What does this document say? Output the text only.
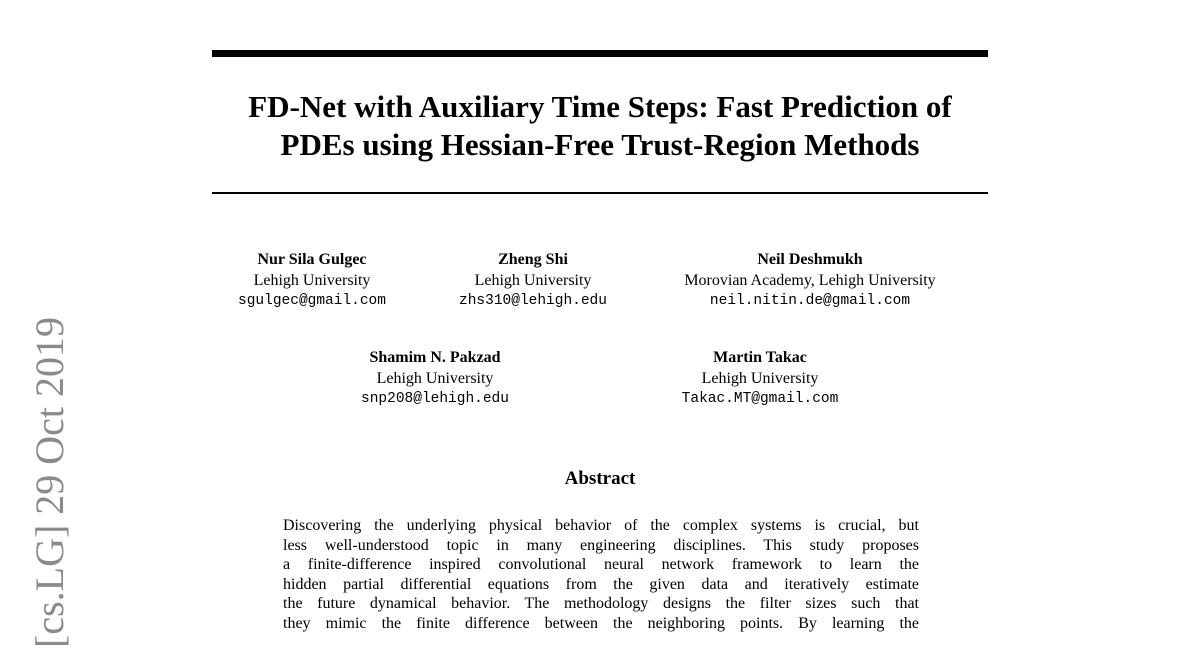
[cs.LG] 29 Oct 2019
FD-Net with Auxiliary Time Steps: Fast Prediction of
PDEs using Hessian-Free Trust-Region Methods
Nur Sila Gulgec
Lehigh University
sgulgec@gmail.com
Zheng Shi
Lehigh University
zhs310@lehigh.edu
Neil Deshmukh
Morovian Academy, Lehigh University
neil.nitin.de@gmail.com
Shamim N. Pakzad
Lehigh University
snp208@lehigh.edu
Martin Takac
Lehigh University
Takac.MT@gmail.com
Abstract
Discovering the underlying physical behavior of the complex systems is crucial, but
less well-understood topic in many engineering disciplines. This study proposes
a finite-difference inspired convolutional neural network framework to learn the
hidden partial differential equations from the given data and iteratively estimate
the future dynamical behavior. The methodology designs the filter sizes such that
they mimic the finite difference between the neighboring points. By learning the
